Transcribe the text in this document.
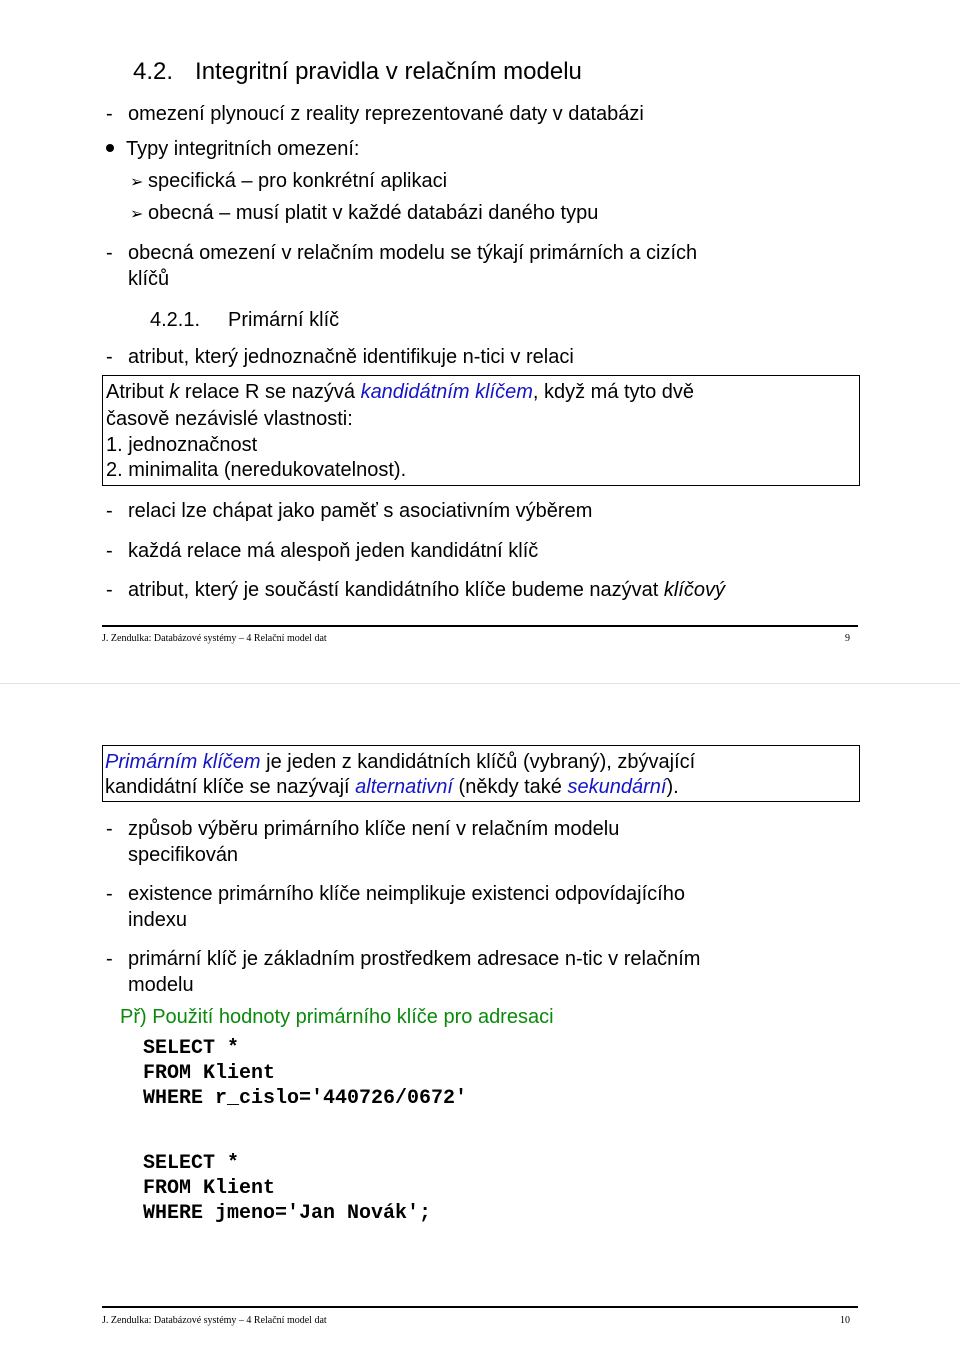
4.2. Integritní pravidla v relačním modelu
- omezení plynoucí z reality reprezentované daty v databázi
Typy integritních omezení:
➢ specifická – pro konkrétní aplikaci
➢ obecná – musí platit v každé databázi daného typu
- obecná omezení v relačním modelu se týkají primárních a cizích
klíčů
4.2.1. Primární klíč
- atribut, který jednoznačně identifikuje n-tici v relaci
Atribut k relace R se nazývá kandidátním klíčem, když má tyto dvě
časově nezávislé vlastnosti:
1. jednoznačnost
2. minimalita (neredukovatelnost).
- relaci lze chápat jako paměť s asociativním výběrem
- každá relace má alespoň jeden kandidátní klíč
- atribut, který je součástí kandidátního klíče budeme nazývat klíčový
J. Zendulka: Databázové systémy – 4 Relační model dat	9
Primárním klíčem je jeden z kandidátních klíčů (vybraný), zbývající
kandidátní klíče se nazývají alternativní (někdy také sekundární).
- způsob výběru primárního klíče není v relačním modelu
specifikován
- existence primárního klíče neimplikuje existenci odpovídajícího
indexu
- primární klíč je základním prostředkem adresace n-tic v relačním
modelu
Př) Použití hodnoty primárního klíče pro adresaci
SELECT *
FROM Klient
WHERE r_cislo='440726/0672'
SELECT *
FROM Klient
WHERE jmeno='Jan Novák';
J. Zendulka: Databázové systémy – 4 Relační model dat	10
